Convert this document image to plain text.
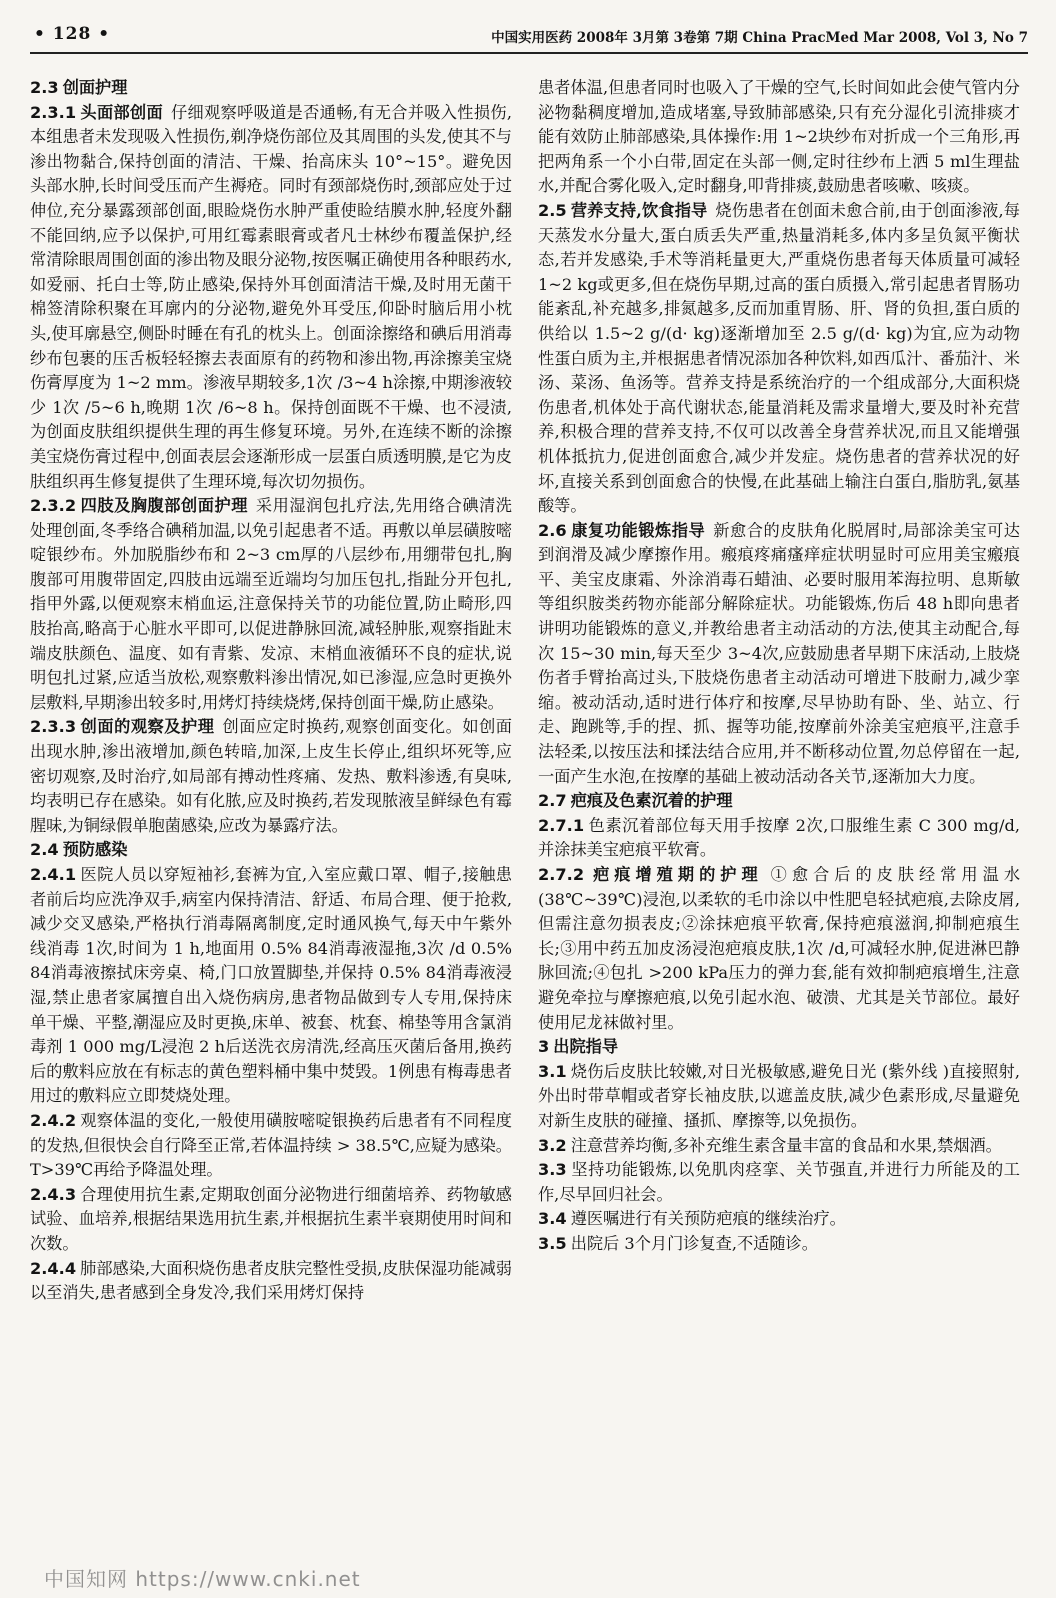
• 128 •	中国实用医药 2008年 3月第 3卷第 7期 China PracMed Mar 2008, Vol 3, No 7

2.3 创面护理

2.3.1 头面部创面 仔细观察呼吸道是否通畅,有无合并吸入性损伤,本组患者未发现吸入性损伤,剃净烧伤部位及其周围的头发,使其不与渗出物黏合,保持创面的清洁、干燥、抬高床头 10°~15°。避免因头部水肿,长时间受压而产生褥疮。同时有颈部烧伤时,颈部应处于过伸位,充分暴露颈部创面,眼睑烧伤水肿严重使睑结膜水肿,轻度外翻不能回纳,应予以保护,可用红霉素眼膏或者凡士林纱布覆盖保护,经常清除眼周围创面的渗出物及眼分泌物,按医嘱正确使用各种眼药水,如爱丽、托白士等,防止感染,保持外耳创面清洁干燥,及时用无菌干棉签清除积聚在耳廓内的分泌物,避免外耳受压,仰卧时脑后用小枕头,使耳廓悬空,侧卧时睡在有孔的枕头上。创面涂擦络和碘后用消毒纱布包裹的压舌板轻轻擦去表面原有的药物和渗出物,再涂擦美宝烧伤膏厚度为 1~2 mm。渗液早期较多,1次 /3~4 h涂擦,中期渗液较少 1次 /5~6 h,晚期 1次 /6~8 h。保持创面既不干燥、也不浸渍,为创面皮肤组织提供生理的再生修复环境。另外,在连续不断的涂擦美宝烧伤膏过程中,创面表层会逐渐形成一层蛋白质透明膜,是它为皮肤组织再生修复提供了生理环境,每次切勿损伤。

2.3.2 四肢及胸腹部创面护理 采用湿润包扎疗法,先用络合碘清洗处理创面,冬季络合碘稍加温,以免引起患者不适。再敷以单层磺胺嘧啶银纱布。外加脱脂纱布和 2~3 cm厚的八层纱布,用绷带包扎,胸腹部可用腹带固定,四肢由远端至近端均匀加压包扎,指趾分开包扎,指甲外露,以便观察末梢血运,注意保持关节的功能位置,防止畸形,四肢抬高,略高于心脏水平即可,以促进静脉回流,减轻肿胀,观察指趾末端皮肤颜色、温度、如有青紫、发凉、末梢血液循环不良的症状,说明包扎过紧,应适当放松,观察敷料渗出情况,如已渗湿,应急时更换外层敷料,早期渗出较多时,用烤灯持续烧烤,保持创面干燥,防止感染。

2.3.3 创面的观察及护理 创面应定时换药,观察创面变化。如创面出现水肿,渗出液增加,颜色转暗,加深,上皮生长停止,组织坏死等,应密切观察,及时治疗,如局部有搏动性疼痛、发热、敷料渗透,有臭味,均表明已存在感染。如有化脓,应及时换药,若发现脓液呈鲜绿色有霉腥味,为铜绿假单胞菌感染,应改为暴露疗法。

2.4 预防感染

2.4.1 医院人员以穿短袖衫,套裤为宜,入室应戴口罩、帽子,接触患者前后均应洗净双手,病室内保持清洁、舒适、布局合理、便于抢救,减少交叉感染,严格执行消毒隔离制度,定时通风换气,每天中午紫外线消毒 1次,时间为 1 h,地面用 0.5% 84消毒液湿拖,3次 /d 0.5% 84消毒液擦拭床旁桌、椅,门口放置脚垫,并保持 0.5% 84消毒液浸湿,禁止患者家属擅自出入烧伤病房,患者物品做到专人专用,保持床单干燥、平整,潮湿应及时更换,床单、被套、枕套、棉垫等用含氯消毒剂 1 000 mg/L浸泡 2 h后送洗衣房清洗,经高压灭菌后备用,换药后的敷料应放在有标志的黄色塑料桶中集中焚毁。1例患有梅毒患者用过的敷料应立即焚烧处理。

2.4.2 观察体温的变化,一般使用磺胺嘧啶银换药后患者有不同程度的发热,但很快会自行降至正常,若体温持续 > 38.5℃,应疑为感染。T>39℃再给予降温处理。

2.4.3 合理使用抗生素,定期取创面分泌物进行细菌培养、药物敏感试验、血培养,根据结果选用抗生素,并根据抗生素半衰期使用时间和次数。

2.4.4 肺部感染,大面积烧伤患者皮肤完整性受损,皮肤保湿功能减弱以至消失,患者感到全身发冷,我们采用烤灯保持

患者体温,但患者同时也吸入了干燥的空气,长时间如此会使气管内分泌物黏稠度增加,造成堵塞,导致肺部感染,只有充分湿化引流排痰才能有效防止肺部感染,具体操作:用 1~2块纱布对折成一个三角形,再把两角系一个小白带,固定在头部一侧,定时往纱布上洒 5 ml生理盐水,并配合雾化吸入,定时翻身,叩背排痰,鼓励患者咳嗽、咳痰。

2.5 营养支持,饮食指导 烧伤患者在创面未愈合前,由于创面渗液,每天蒸发水分量大,蛋白质丢失严重,热量消耗多,体内多呈负氮平衡状态,若并发感染,手术等消耗量更大,严重烧伤患者每天体质量可减轻 1~2 kg或更多,但在烧伤早期,过高的蛋白质摄入,常引起患者胃肠功能紊乱,补充越多,排氮越多,反而加重胃肠、肝、肾的负担,蛋白质的供给以 1.5~2 g/(d· kg)逐渐增加至 2.5 g/(d· kg)为宜,应为动物性蛋白质为主,并根据患者情况添加各种饮料,如西瓜汁、番茄汁、米汤、菜汤、鱼汤等。营养支持是系统治疗的一个组成部分,大面积烧伤患者,机体处于高代谢状态,能量消耗及需求量增大,要及时补充营养,积极合理的营养支持,不仅可以改善全身营养状况,而且又能增强机体抵抗力,促进创面愈合,减少并发症。烧伤患者的营养状况的好坏,直接关系到创面愈合的快慢,在此基础上输注白蛋白,脂肪乳,氨基酸等。

2.6 康复功能锻炼指导 新愈合的皮肤角化脱屑时,局部涂美宝可达到润滑及减少摩擦作用。瘢痕疼痛瘙痒症状明显时可应用美宝瘢痕平、美宝皮康霜、外涂消毒石蜡油、必要时服用苯海拉明、息斯敏等组织胺类药物亦能部分解除症状。功能锻炼,伤后 48 h即向患者讲明功能锻炼的意义,并教给患者主动活动的方法,使其主动配合,每次 15~30 min,每天至少 3~4次,应鼓励患者早期下床活动,上肢烧伤者手臂抬高过头,下肢烧伤患者主动活动可增进下肢耐力,减少挛缩。被动活动,适时进行体疗和按摩,尽早协助有卧、坐、站立、行走、跑跳等,手的捏、抓、握等功能,按摩前外涂美宝疤痕平,注意手法轻柔,以按压法和揉法结合应用,并不断移动位置,勿总停留在一起,一面产生水泡,在按摩的基础上被动活动各关节,逐渐加大力度。

2.7 疤痕及色素沉着的护理

2.7.1 色素沉着部位每天用手按摩 2次,口服维生素 C 300 mg/d,并涂抹美宝疤痕平软膏。

2.7.2 疤痕增殖期的护理 ①愈合后的皮肤经常用温水(38℃~39℃)浸泡,以柔软的毛巾涂以中性肥皂轻拭疤痕,去除皮屑,但需注意勿损表皮;②涂抹疤痕平软膏,保持疤痕滋润,抑制疤痕生长;③用中药五加皮汤浸泡疤痕皮肤,1次 /d,可减轻水肿,促进淋巴静脉回流;④包扎 >200 kPa压力的弹力套,能有效抑制疤痕增生,注意避免牵拉与摩擦疤痕,以免引起水泡、破溃、尤其是关节部位。最好使用尼龙袜做衬里。

3 出院指导

3.1 烧伤后皮肤比较嫩,对日光极敏感,避免日光 (紫外线 )直接照射,外出时带草帽或者穿长袖皮肤,以遮盖皮肤,减少色素形成,尽量避免对新生皮肤的碰撞、搔抓、摩擦等,以免损伤。

3.2 注意营养均衡,多补充维生素含量丰富的食品和水果,禁烟酒。

3.3 坚持功能锻炼,以免肌肉痉挛、关节强直,并进行力所能及的工作,尽早回归社会。

3.4 遵医嘱进行有关预防疤痕的继续治疗。

3.5 出院后 3个月门诊复查,不适随诊。

中国知网 https://www.cnki.net
